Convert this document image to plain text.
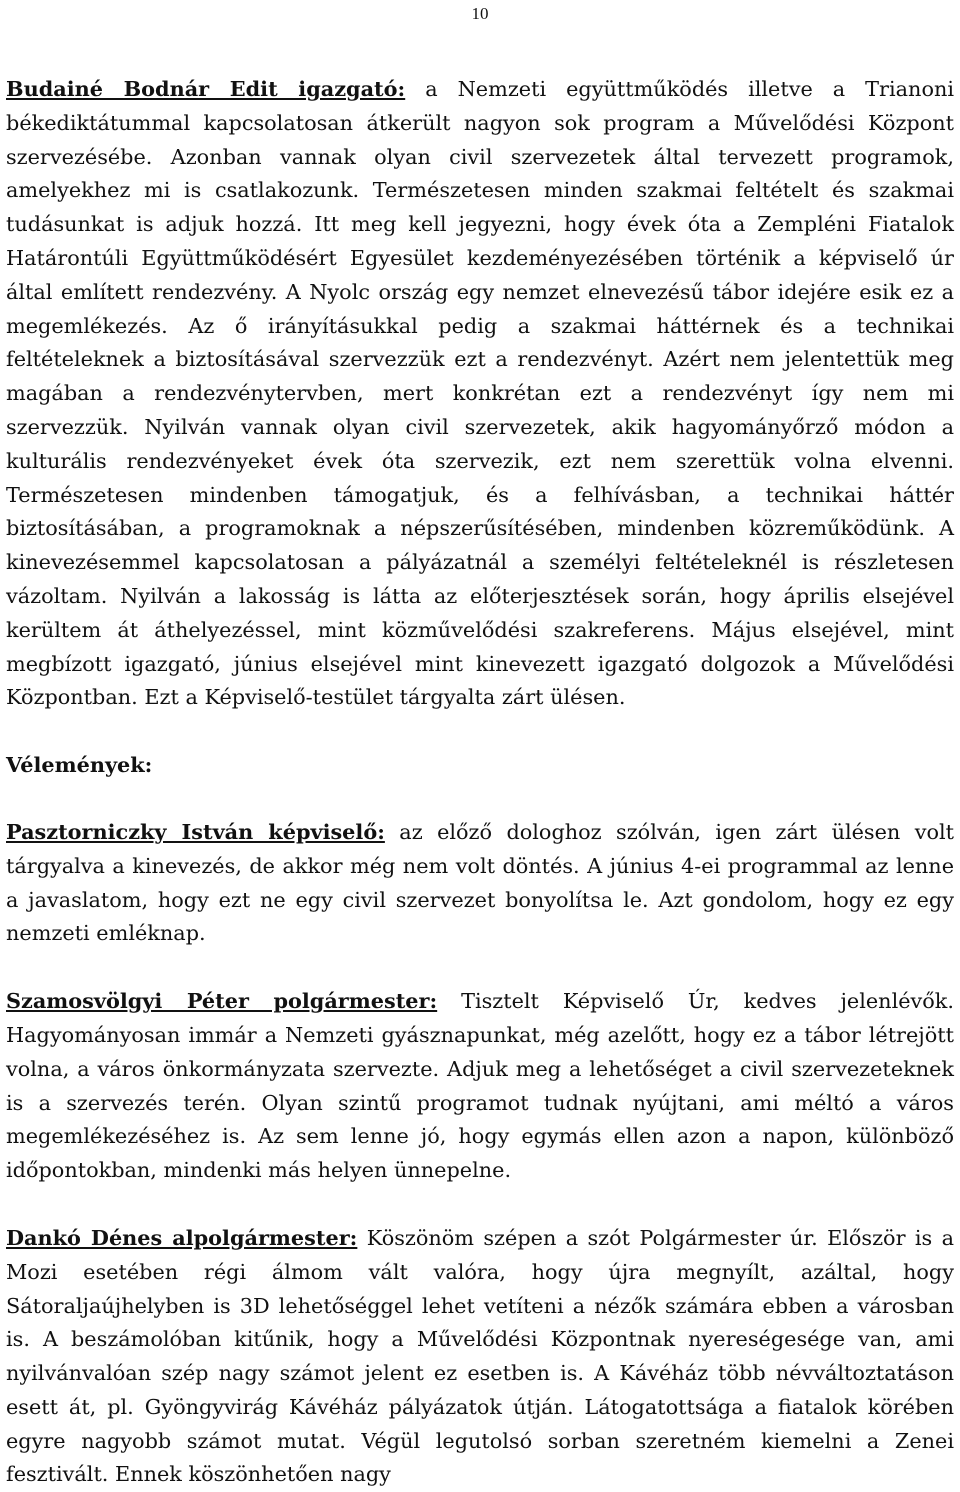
10

Budainé Bodnár Edit igazgató: a Nemzeti együttműködés illetve a Trianoni békediktátummal kapcsolatosan átkerült nagyon sok program a Művelődési Központ szervezésébe. Azonban vannak olyan civil szervezetek által tervezett programok, amelyekhez mi is csatlakozunk. Természetesen minden szakmai feltételt és szakmai tudásunkat is adjuk hozzá. Itt meg kell jegyezni, hogy évek óta a Zempléni Fiatalok Határontúli Együttműködésért Egyesület kezdeményezésében történik a képviselő úr által említett rendezvény. A Nyolc ország egy nemzet elnevezésű tábor idejére esik ez a megemlékezés. Az ő irányításukkal pedig a szakmai háttérnek és a technikai feltételeknek a biztosításával szervezzük ezt a rendezvényt. Azért nem jelentettük meg magában a rendezvénytervben, mert konkrétan ezt a rendezvényt így nem mi szervezzük. Nyilván vannak olyan civil szervezetek, akik hagyományőrző módon a kulturális rendezvényeket évek óta szervezik, ezt nem szerettük volna elvenni. Természetesen mindenben támogatjuk, és a felhívásban, a technikai háttér biztosításában, a programoknak a népszerűsítésében, mindenben közreműködünk. A kinevezésemmel kapcsolatosan a pályázatnál a személyi feltételeknél is részletesen vázoltam. Nyilván a lakosság is látta az előterjesztések során, hogy április elsejével kerültem át áthelyezéssel, mint közművelődési szakreferens. Május elsejével, mint megbízott igazgató, június elsejével mint kinevezett igazgató dolgozok a Művelődési Központban. Ezt a Képviselő-testület tárgyalta zárt ülésen.

Vélemények:

Pasztorniczky István képviselő: az előző dologhoz szólván, igen zárt ülésen volt tárgyalva a kinevezés, de akkor még nem volt döntés. A június 4-ei programmal az lenne a javaslatom, hogy ezt ne egy civil szervezet bonyolítsa le. Azt gondolom, hogy ez egy nemzeti emléknap.

Szamosvölgyi Péter polgármester: Tisztelt Képviselő Úr, kedves jelenlévők. Hagyományosan immár a Nemzeti gyásznapunkat, még azelőtt, hogy ez a tábor létrejött volna, a város önkormányzata szervezte. Adjuk meg a lehetőséget a civil szervezeteknek is a szervezés terén. Olyan szintű programot tudnak nyújtani, ami méltó a város megemlékezéséhez is. Az sem lenne jó, hogy egymás ellen azon a napon, különböző időpontokban, mindenki más helyen ünnepelne.

Dankó Dénes alpolgármester: Köszönöm szépen a szót Polgármester úr. Először is a Mozi esetében régi álmom vált valóra, hogy újra megnyílt, azáltal, hogy Sátoraljaújhelyben is 3D lehetőséggel lehet vetíteni a nézők számára ebben a városban is. A beszámolóban kitűnik, hogy a Művelődési Központnak nyereségesége van, ami nyilvánvalóan szép nagy számot jelent ez esetben is. A Kávéház több névváltoztatáson esett át, pl. Gyöngyvirág Kávéház pályázatok útján. Látogatottsága a fiatalok körében egyre nagyobb számot mutat. Végül legutolsó sorban szeretném kiemelni a Zenei fesztivált. Ennek köszönhetően nagy
